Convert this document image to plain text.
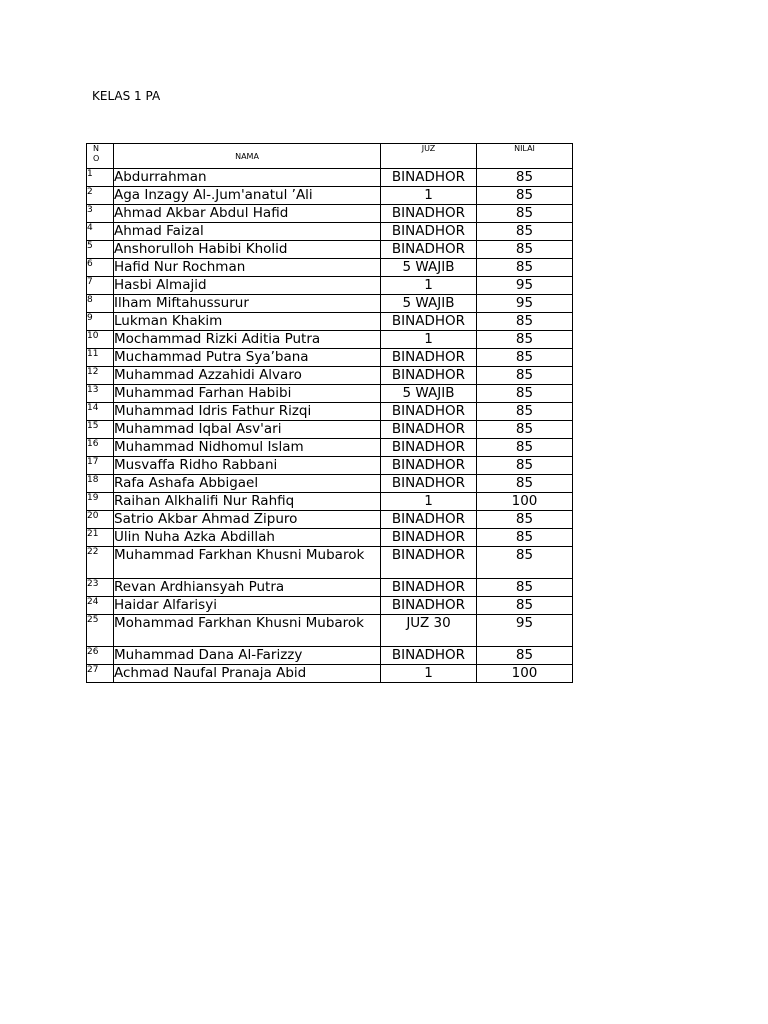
KELAS 1 PA
NO	NAMA	JUZ	NILAI
1	Abdurrahman	BINADHOR	85
2	Aga Inzagy Al-.Jum'anatul ’Ali	1	85
3	Ahmad Akbar Abdul Hafid	BINADHOR	85
4	Ahmad Faizal	BINADHOR	85
5	Anshorulloh Habibi Kholid	BINADHOR	85
6	Hafid Nur Rochman	5 WAJIB	85
7	Hasbi Almajid	1	95
8	Ilham Miftahussurur	5 WAJIB	95
9	Lukman Khakim	BINADHOR	85
10	Mochammad Rizki Aditia Putra	1	85
11	Muchammad Putra Sya’bana	BINADHOR	85
12	Muhammad Azzahidi Alvaro	BINADHOR	85
13	Muhammad Farhan Habibi	5 WAJIB	85
14	Muhammad Idris Fathur Rizqi	BINADHOR	85
15	Muhammad Iqbal Asv'ari	BINADHOR	85
16	Muhammad Nidhomul Islam	BINADHOR	85
17	Musvaffa Ridho Rabbani	BINADHOR	85
18	Rafa Ashafa Abbigael	BINADHOR	85
19	Raihan Alkhalifi Nur Rahfiq	1	100
20	Satrio Akbar Ahmad Zipuro	BINADHOR	85
21	Ulin Nuha Azka Abdillah	BINADHOR	85
22	Muhammad Farkhan Khusni Mubarok	BINADHOR	85
23	Revan Ardhiansyah Putra	BINADHOR	85
24	Haidar Alfarisyi	BINADHOR	85
25	Mohammad Farkhan Khusni Mubarok	JUZ 30	95
26	Muhammad Dana Al-Farizzy	BINADHOR	85
27	Achmad Naufal Pranaja Abid	1	100
